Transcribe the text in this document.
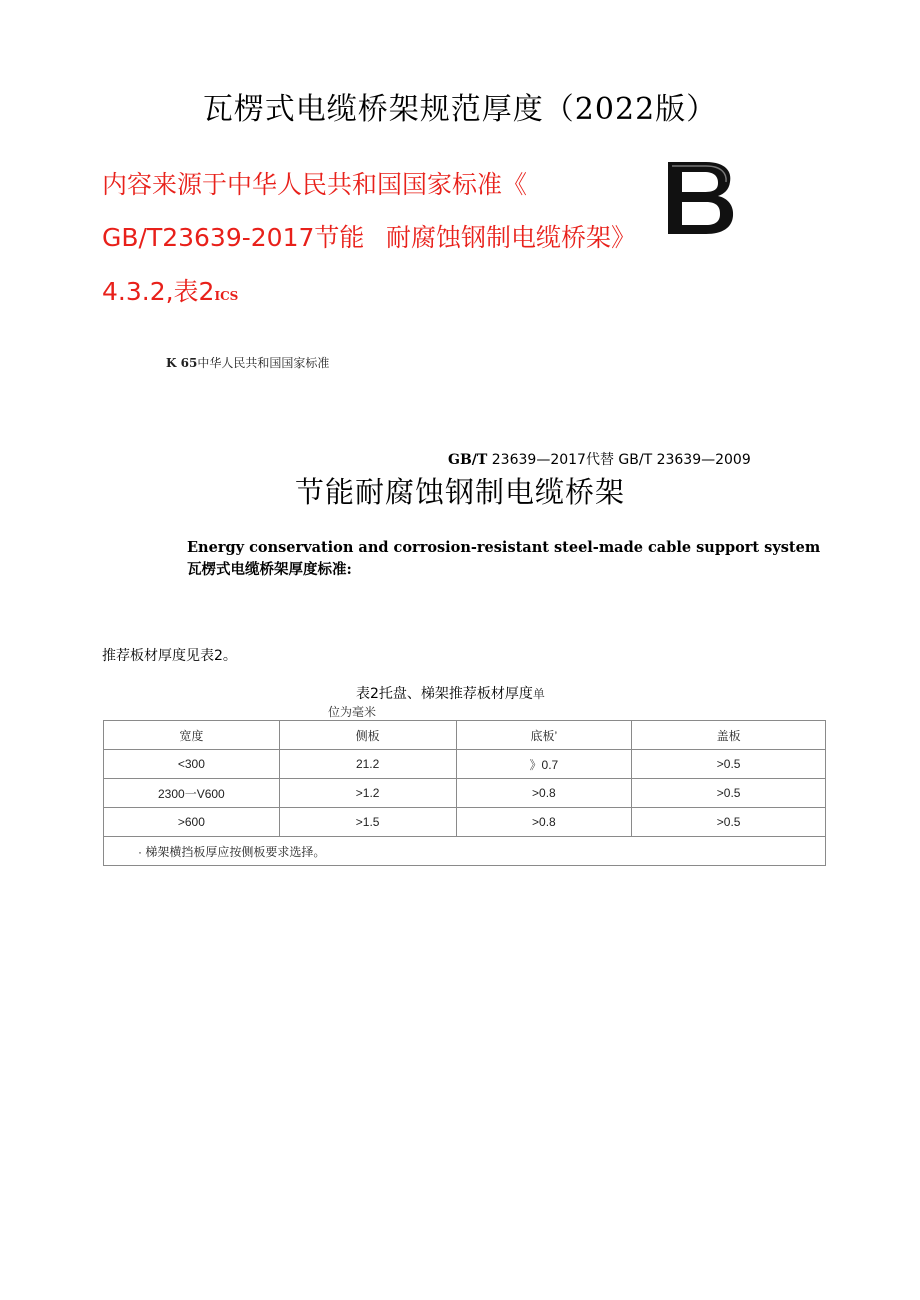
瓦楞式电缆桥架规范厚度（2022版）
内容来源于中华人民共和国国家标准《
GB/T23639-2017节能 耐腐蚀钢制电缆桥架》
4.3.2,表2ICS
K 65中华人民共和国国家标准
GB/T 23639—2017代替 GB/T 23639—2009
节能耐腐蚀钢制电缆桥架
Energy conservation and corrosion-resistant steel-made cable support system瓦楞式电缆桥架厚度标准:
推荐板材厚度见表2。
表2托盘、梯架推荐板材厚度单
位为毫米
宽度	侧板	底板’	盖板
<300	21.2	》0.7	>0.5
2300一V600	>1.2	>0.8	>0.5
>600	>1.5	>0.8	>0.5
· 梯架横挡板厚应按侧板要求选择。			
